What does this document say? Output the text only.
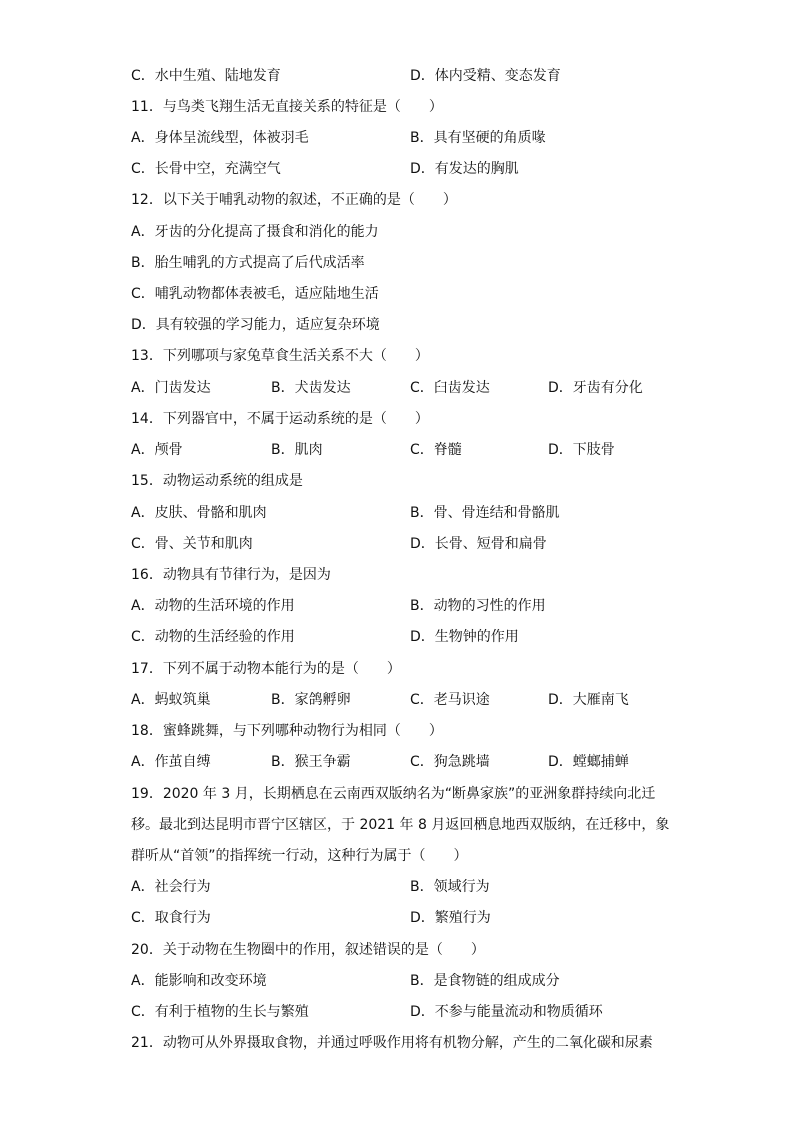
C．水中生殖、陆地发育	D．体内受精、变态发育
11．与鸟类飞翔生活无直接关系的特征是（　　）
A．身体呈流线型，体被羽毛	B．具有坚硬的角质喙
C．长骨中空，充满空气	D．有发达的胸肌
12．以下关于哺乳动物的叙述，不正确的是（　　）
A．牙齿的分化提高了摄食和消化的能力
B．胎生哺乳的方式提高了后代成活率
C．哺乳动物都体表被毛，适应陆地生活
D．具有较强的学习能力，适应复杂环境
13．下列哪项与家兔草食生活关系不大（　　）
A．门齿发达	B．犬齿发达	C．臼齿发达	D．牙齿有分化
14．下列器官中，不属于运动系统的是（　　）
A．颅骨	B．肌肉	C．脊髓	D．下肢骨
15．动物运动系统的组成是
A．皮肤、骨骼和肌肉	B．骨、骨连结和骨骼肌
C．骨、关节和肌肉	D．长骨、短骨和扁骨
16．动物具有节律行为，是因为
A．动物的生活环境的作用	B．动物的习性的作用
C．动物的生活经验的作用	D．生物钟的作用
17．下列不属于动物本能行为的是（　　）
A．蚂蚁筑巢	B．家鸽孵卵	C．老马识途	D．大雁南飞
18．蜜蜂跳舞，与下列哪种动物行为相同（　　）
A．作茧自缚	B．猴王争霸	C．狗急跳墙	D．螳螂捕蝉
19．2020 年 3 月，长期栖息在云南西双版纳名为“断鼻家族”的亚洲象群持续向北迁
移。最北到达昆明市晋宁区辖区，于 2021 年 8 月返回栖息地西双版纳，在迁移中，象
群听从“首领”的指挥统一行动，这种行为属于（　　）
A．社会行为	B．领域行为
C．取食行为	D．繁殖行为
20．关于动物在生物圈中的作用，叙述错误的是（　　）
A．能影响和改变环境	B．是食物链的组成成分
C．有利于植物的生长与繁殖	D．不参与能量流动和物质循环
21．动物可从外界摄取食物，并通过呼吸作用将有机物分解，产生的二氧化碳和尿素
